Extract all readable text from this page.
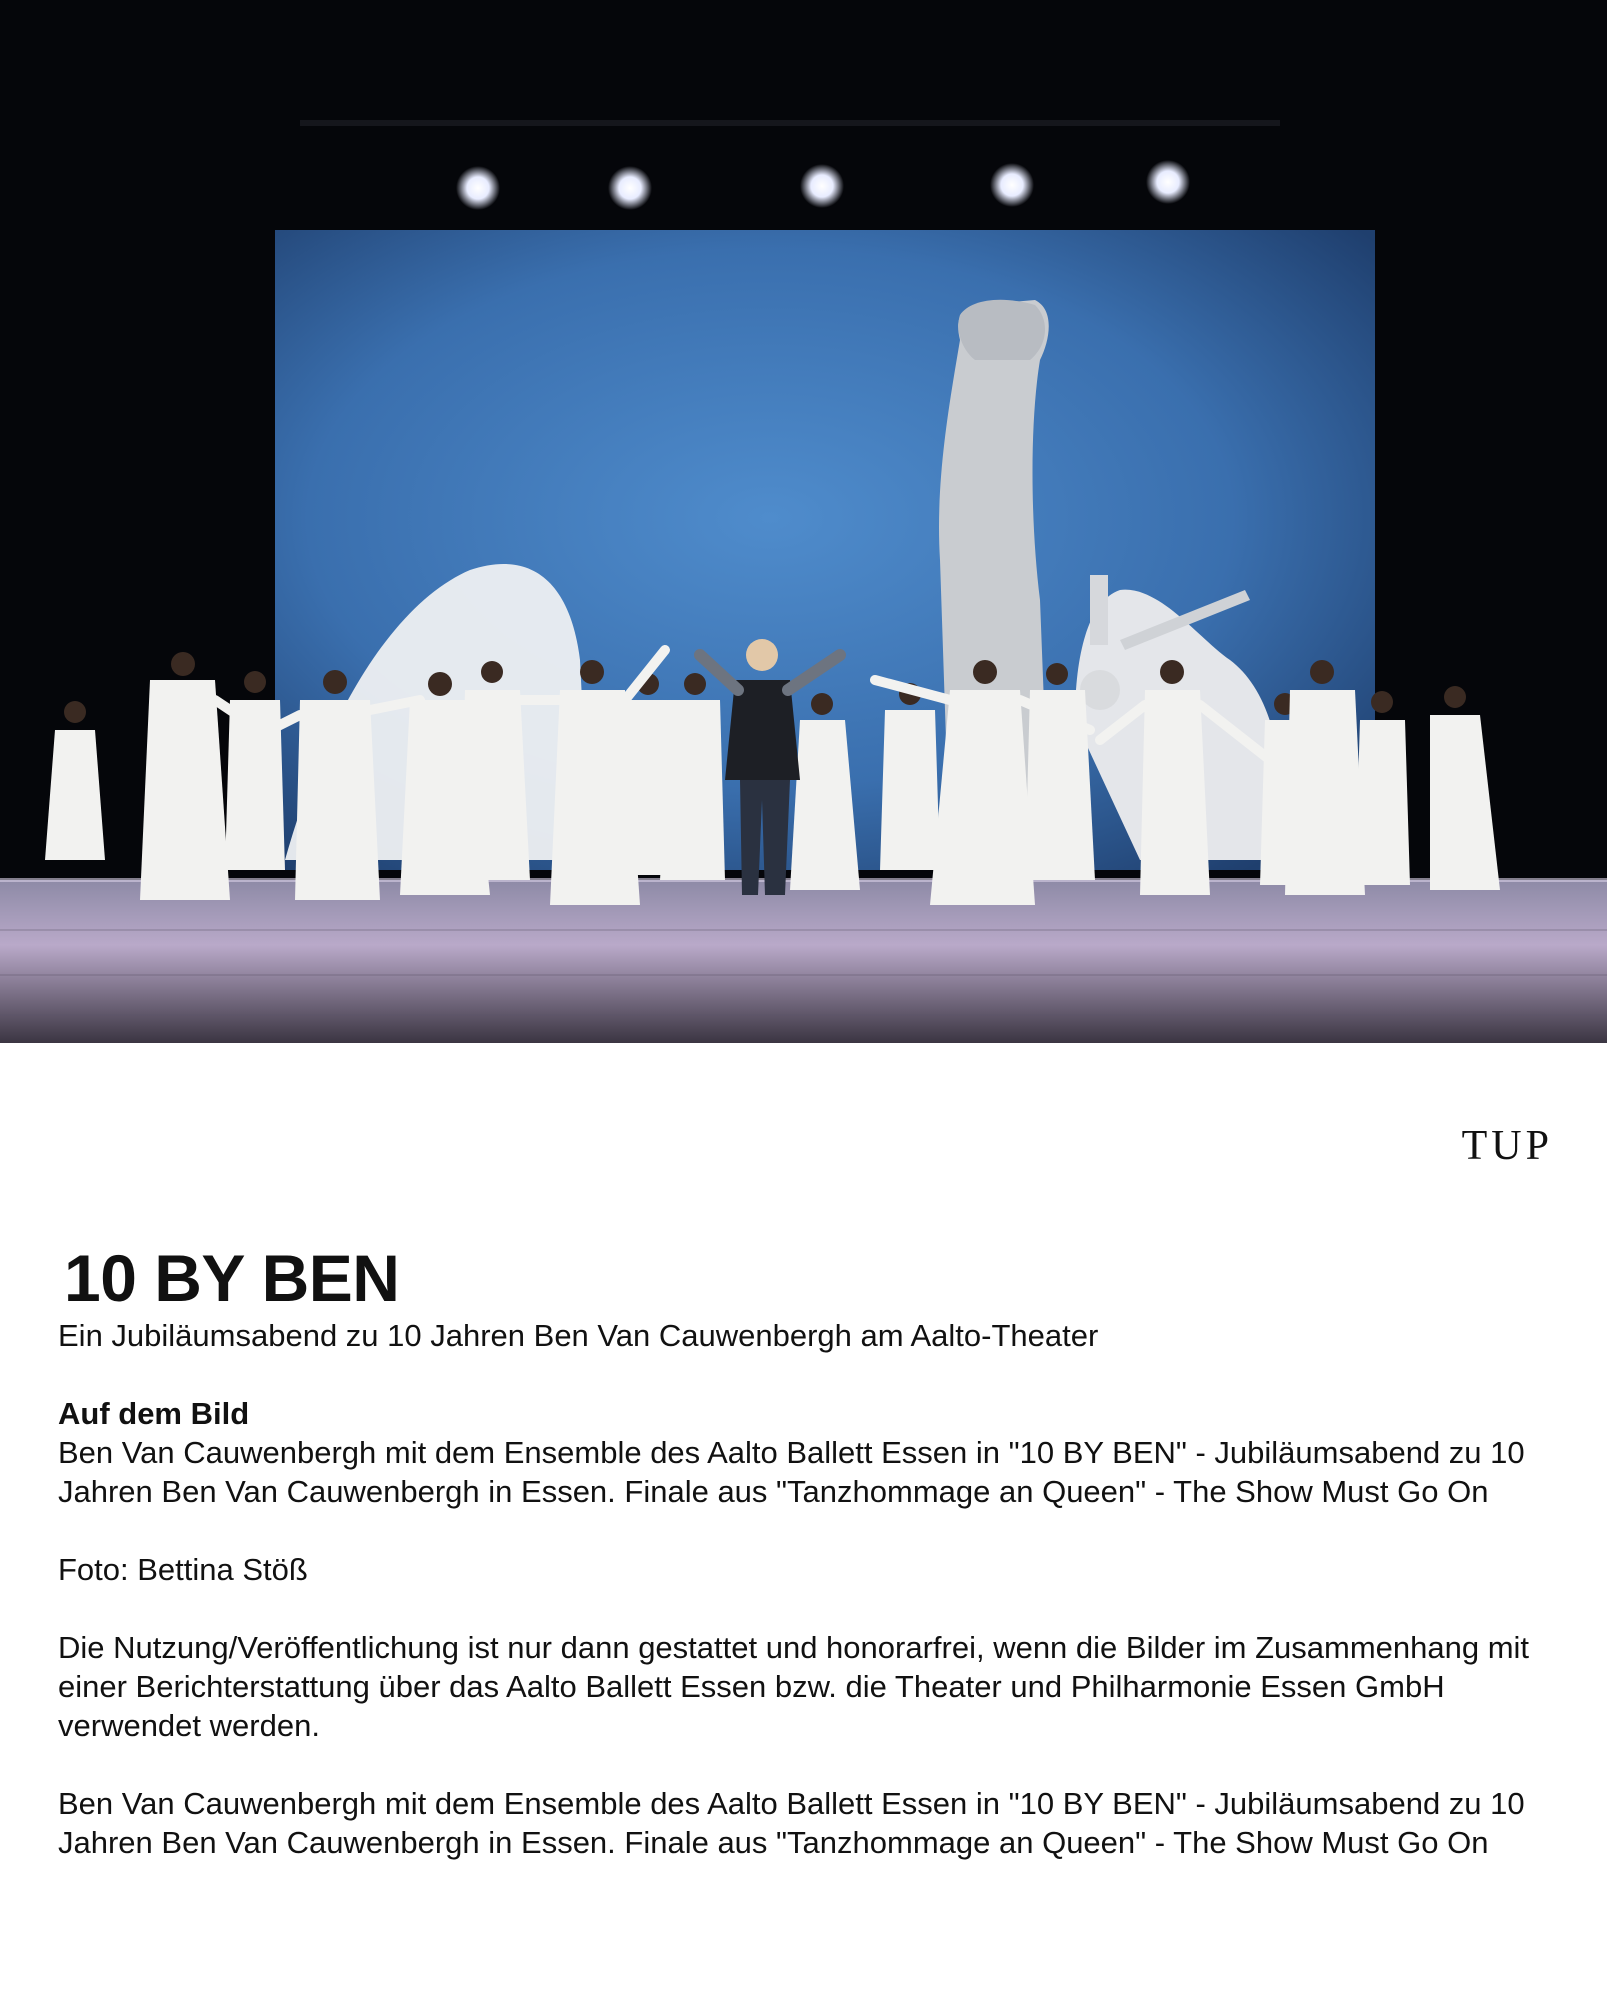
TUP
10 BY BEN

Ein Jubiläumsabend zu 10 Jahren Ben Van Cauwenbergh am Aalto-Theater

Auf dem Bild

Ben Van Cauwenbergh mit dem Ensemble des Aalto Ballett Essen in "10 BY BEN" - Jubiläumsabend zu 10 Jahren Ben Van Cauwenbergh in Essen. Finale aus "Tanzhommage an Queen" - The Show Must Go On

Foto: Bettina Stöß

Die Nutzung/Veröffentlichung ist nur dann gestattet und honorarfrei, wenn die Bilder im Zusammenhang mit einer Berichterstattung über das Aalto Ballett Essen bzw. die Theater und Philharmonie Essen GmbH verwendet werden.

Ben Van Cauwenbergh mit dem Ensemble des Aalto Ballett Essen in "10 BY BEN" - Jubiläumsabend zu 10 Jahren Ben Van Cauwenbergh in Essen. Finale aus "Tanzhommage an Queen" - The Show Must Go On
